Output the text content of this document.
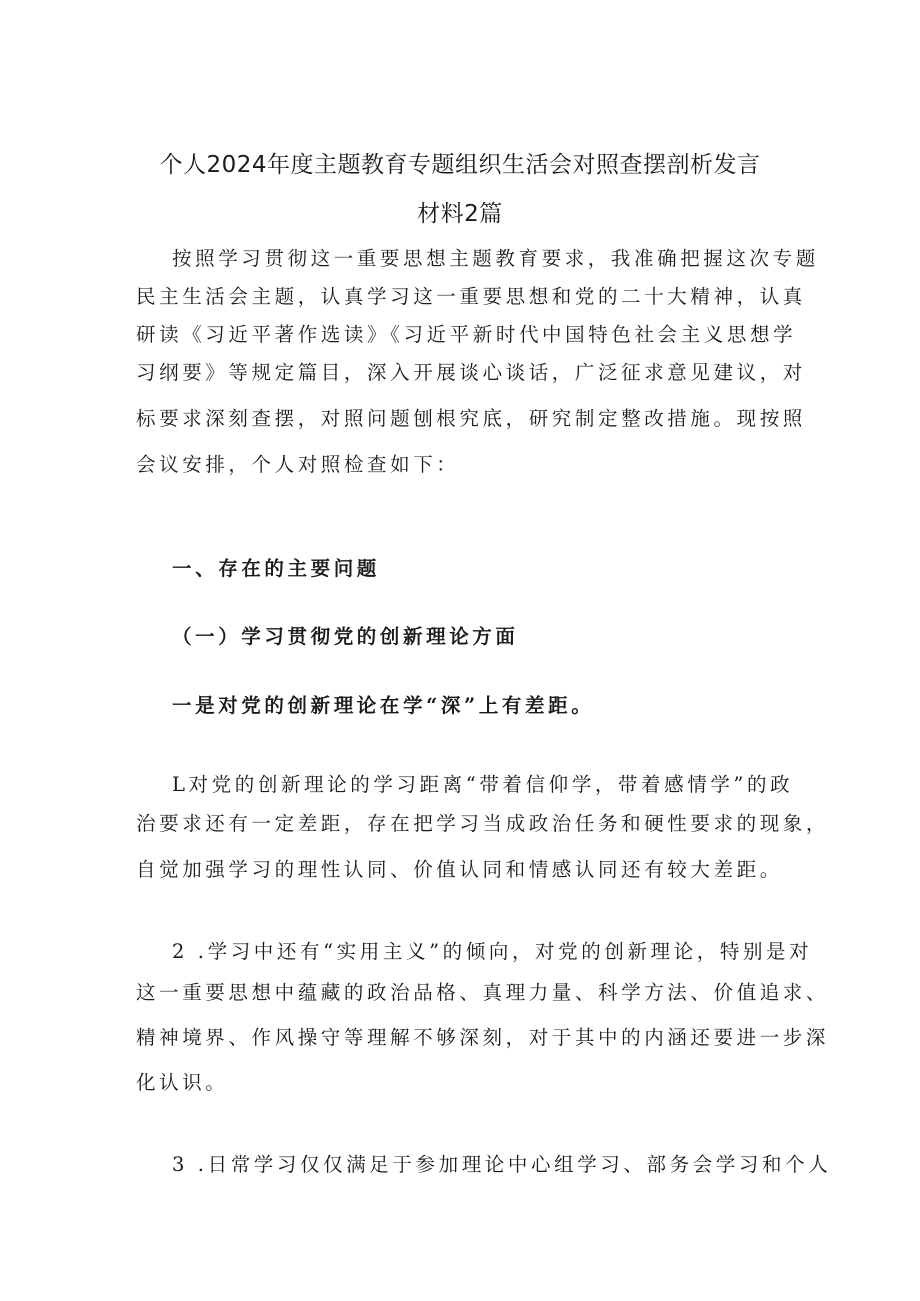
个人2024年度主题教育专题组织生活会对照查摆剖析发言
材料2篇
按照学习贯彻这一重要思想主题教育要求，我准确把握这次专题
民主生活会主题，认真学习这一重要思想和党的二十大精神，认真
研读《习近平著作选读》《习近平新时代中国特色社会主义思想学
习纲要》等规定篇目，深入开展谈心谈话，广泛征求意见建议，对
标要求深刻查摆，对照问题刨根究底，研究制定整改措施。现按照
会议安排，个人对照检查如下：
一、存在的主要问题
（一）学习贯彻党的创新理论方面
一是对党的创新理论在学“深”上有差距。
L对党的创新理论的学习距离“带着信仰学，带着感情学”的政
治要求还有一定差距，存在把学习当成政治任务和硬性要求的现象，
自觉加强学习的理性认同、价值认同和情感认同还有较大差距。
2 .学习中还有“实用主义”的倾向，对党的创新理论，特别是对
这一重要思想中蕴藏的政治品格、真理力量、科学方法、价值追求、
精神境界、作风操守等理解不够深刻，对于其中的内涵还要进一步深
化认识。
3 .日常学习仅仅满足于参加理论中心组学习、部务会学习和个人
